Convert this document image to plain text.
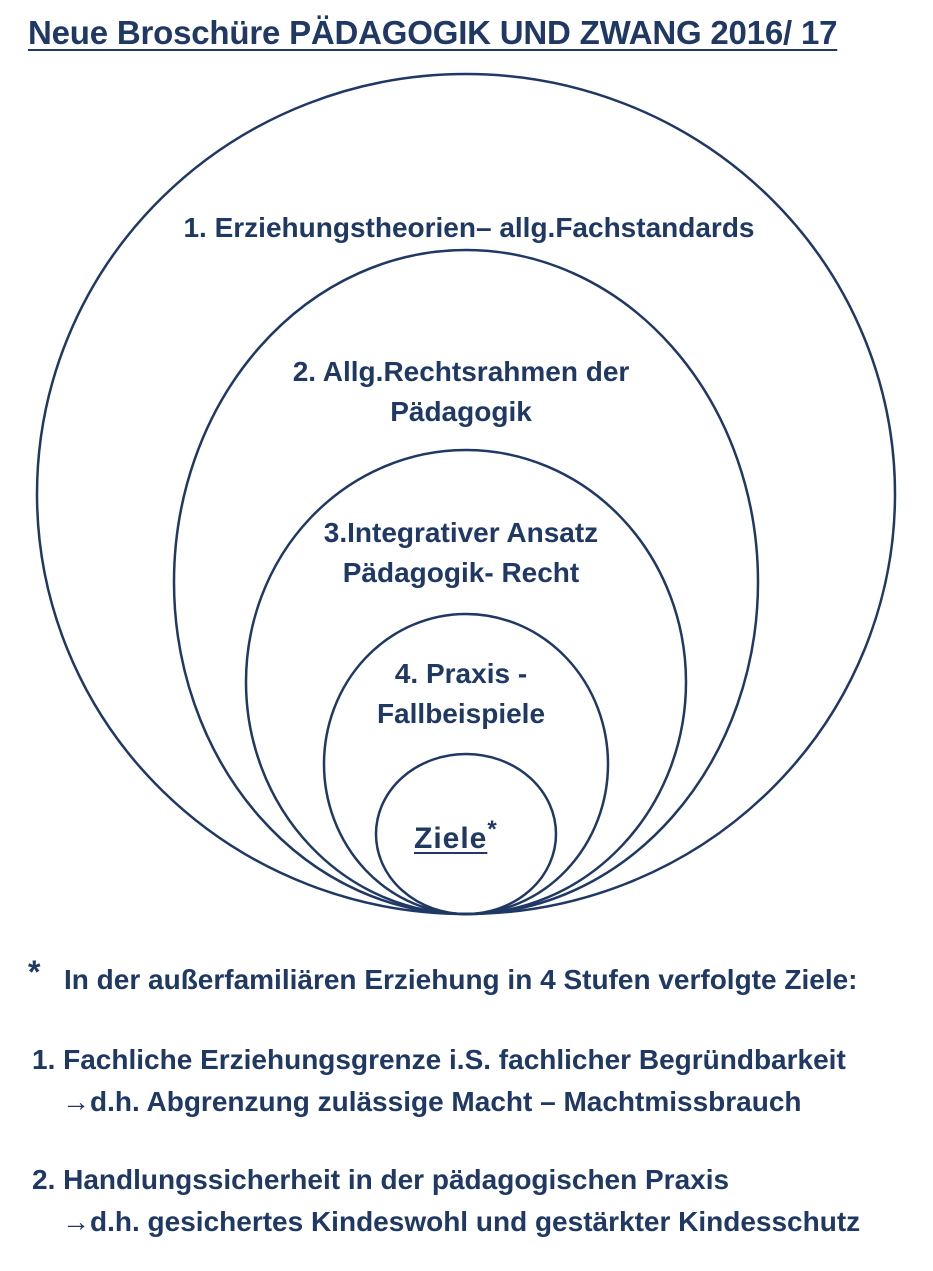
Neue Broschüre PÄDAGOGIK UND ZWANG 2016/ 17
1. Erziehungstheorien– allg.Fachstandards
2. Allg.Rechtsrahmen der
Pädagogik
3.Integrativer Ansatz
Pädagogik- Recht
4. Praxis -
Fallbeispiele
Ziele*
* In der außerfamiliären Erziehung in 4 Stufen verfolgte Ziele:
1. Fachliche Erziehungsgrenze i.S. fachlicher Begründbarkeit
→d.h. Abgrenzung zulässige Macht – Machtmissbrauch
2. Handlungssicherheit in der pädagogischen Praxis
→d.h. gesichertes Kindeswohl und gestärkter Kindesschutz
